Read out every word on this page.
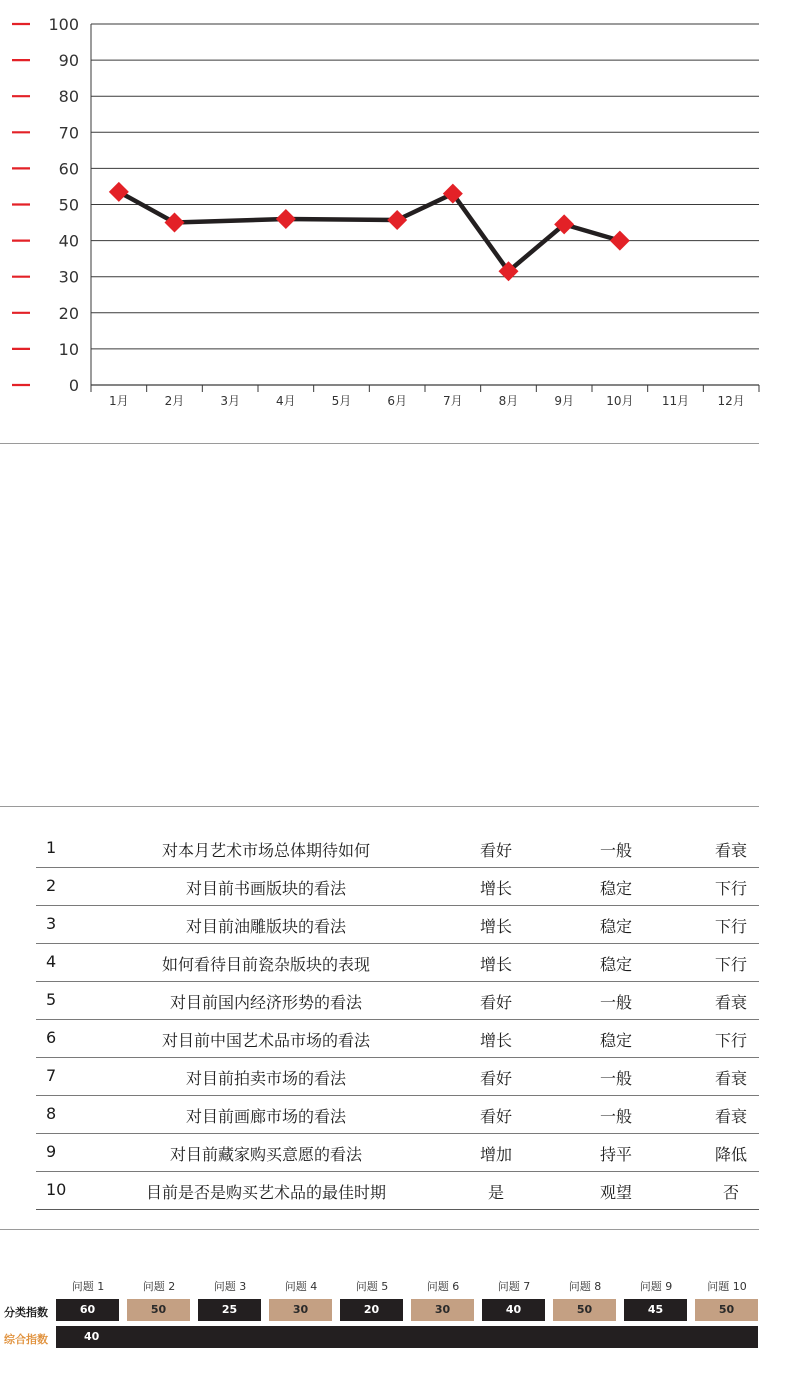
0
10
20
30
40
50
60
70
80
90
100
1月	2月	3月	4月	5月	6月	7月	8月	9月	10月 11月 12月
1	对本月艺术市场总体期待如何	看好	一般	看衰
2	对目前书画版块的看法	增长	稳定	下行
3	对目前油雕版块的看法	增长	稳定	下行
4	如何看待目前瓷杂版块的表现	增长	稳定	下行
5	对目前国内经济形势的看法	看好	一般	看衰
6	对目前中国艺术品市场的看法	增长	稳定	下行
7	对目前拍卖市场的看法	看好	一般	看衰
8	对目前画廊市场的看法	看好	一般	看衰
9	对目前藏家购买意愿的看法	增加	持平	降低
10	目前是否是购买艺术品的最佳时期	是	观望	否
问题 1	问题 2	问题 3	问题 4	问题 5	问题 6	问题 7	问题 8	问题 9	问题 10
分类指数	60	50	25	30	20	30	40	50	45	50
综合指数	40
